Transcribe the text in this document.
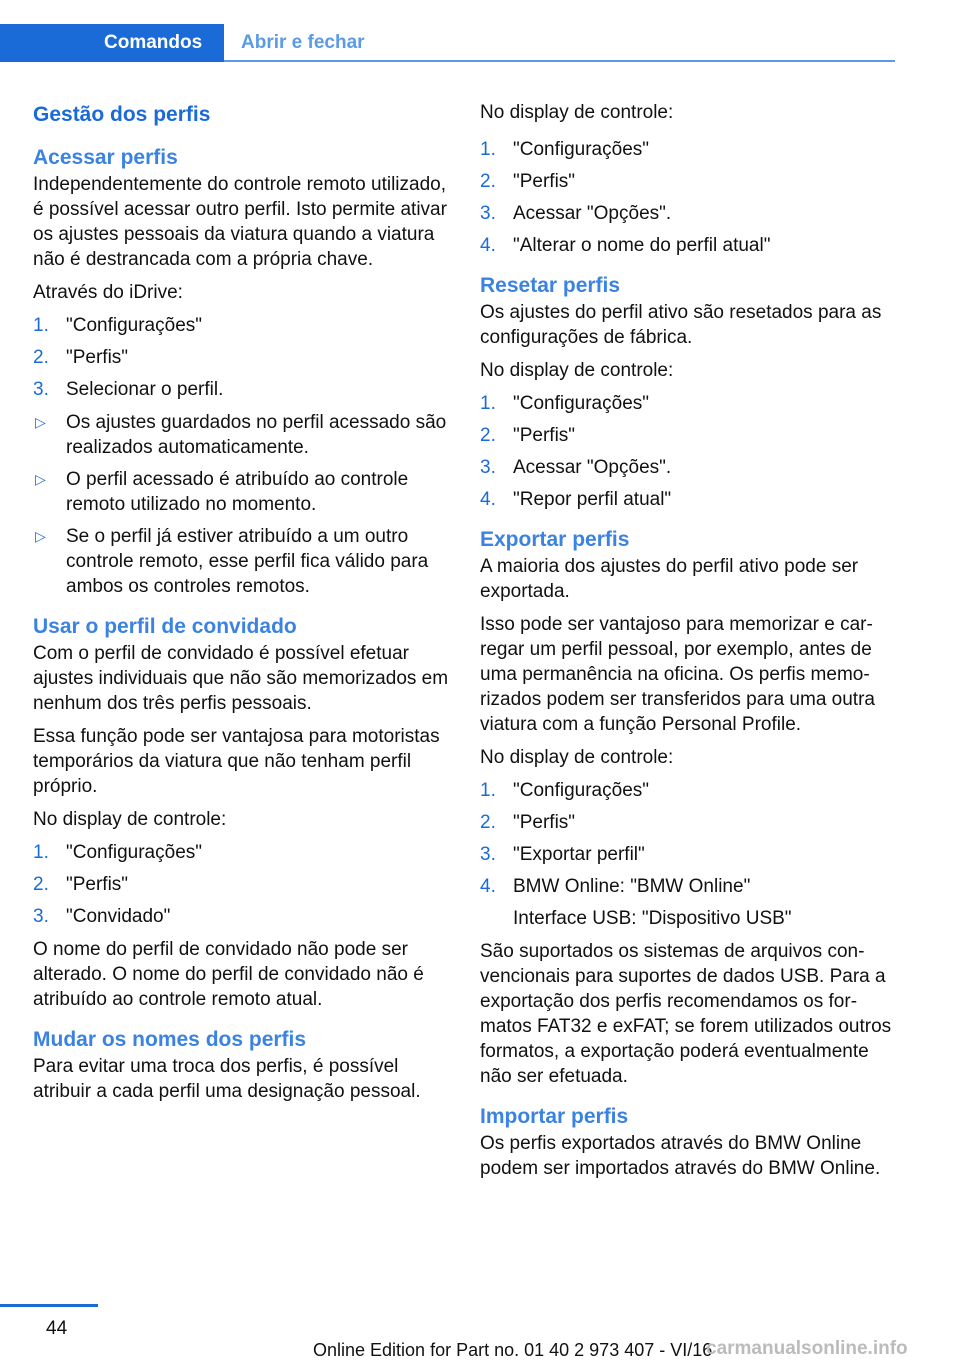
Comandos	Abrir e fechar
Gestão dos perfis
Acessar perfis

Independentemente do controle remoto utilizado, é possível acessar outro perfil. Isto permite ativar os ajustes pessoais da viatura quando a viatura não é destrancada com a própria chave.

Através do iDrive:

1. "Configurações"
2. "Perfis"
3. Selecionar o perfil.
▷ Os ajustes guardados no perfil acessado são realizados automaticamente.
▷ O perfil acessado é atribuído ao controle remoto utilizado no momento.
▷ Se o perfil já estiver atribuído a um outro controle remoto, esse perfil fica válido para ambos os controles remotos.
Usar o perfil de convidado

Com o perfil de convidado é possível efetuar ajustes individuais que não são memorizados em nenhum dos três perfis pessoais.

Essa função pode ser vantajosa para motoristas temporários da viatura que não tenham perfil próprio.

No display de controle:

1. "Configurações"
2. "Perfis"
3. "Convidado"

O nome do perfil de convidado não pode ser alterado. O nome do perfil de convidado não é atribuído ao controle remoto atual.

Mudar os nomes dos perfis

Para evitar uma troca dos perfis, é possível atribuir a cada perfil uma designação pessoal.

No display de controle:

1. "Configurações"
2. "Perfis"
3. Acessar "Opções".
4. "Alterar o nome do perfil atual"
Resetar perfis

Os ajustes do perfil ativo são resetados para as configurações de fábrica.

No display de controle:

1. "Configurações"
2. "Perfis"
3. Acessar "Opções".
4. "Repor perfil atual"
Exportar perfis

A maioria dos ajustes do perfil ativo pode ser exportada.

Isso pode ser vantajoso para memorizar e carregar um perfil pessoal, por exemplo, antes de uma permanência na oficina. Os perfis memorizados podem ser transferidos para uma outra viatura com a função Personal Profile.

No display de controle:

1. "Configurações"
2. "Perfis"
3. "Exportar perfil"
4. BMW Online: "BMW Online"
Interface USB: "Dispositivo USB"

São suportados os sistemas de arquivos convencionais para suportes de dados USB. Para a exportação dos perfis recomendamos os formatos FAT32 e exFAT; se forem utilizados outros formatos, a exportação poderá eventualmente não ser efetuada.

Importar perfis

Os perfis exportados através do BMW Online podem ser importados através do BMW Online.

44
Online Edition for Part no. 01 40 2 973 407 - VI/16
carmanualsonline.info
